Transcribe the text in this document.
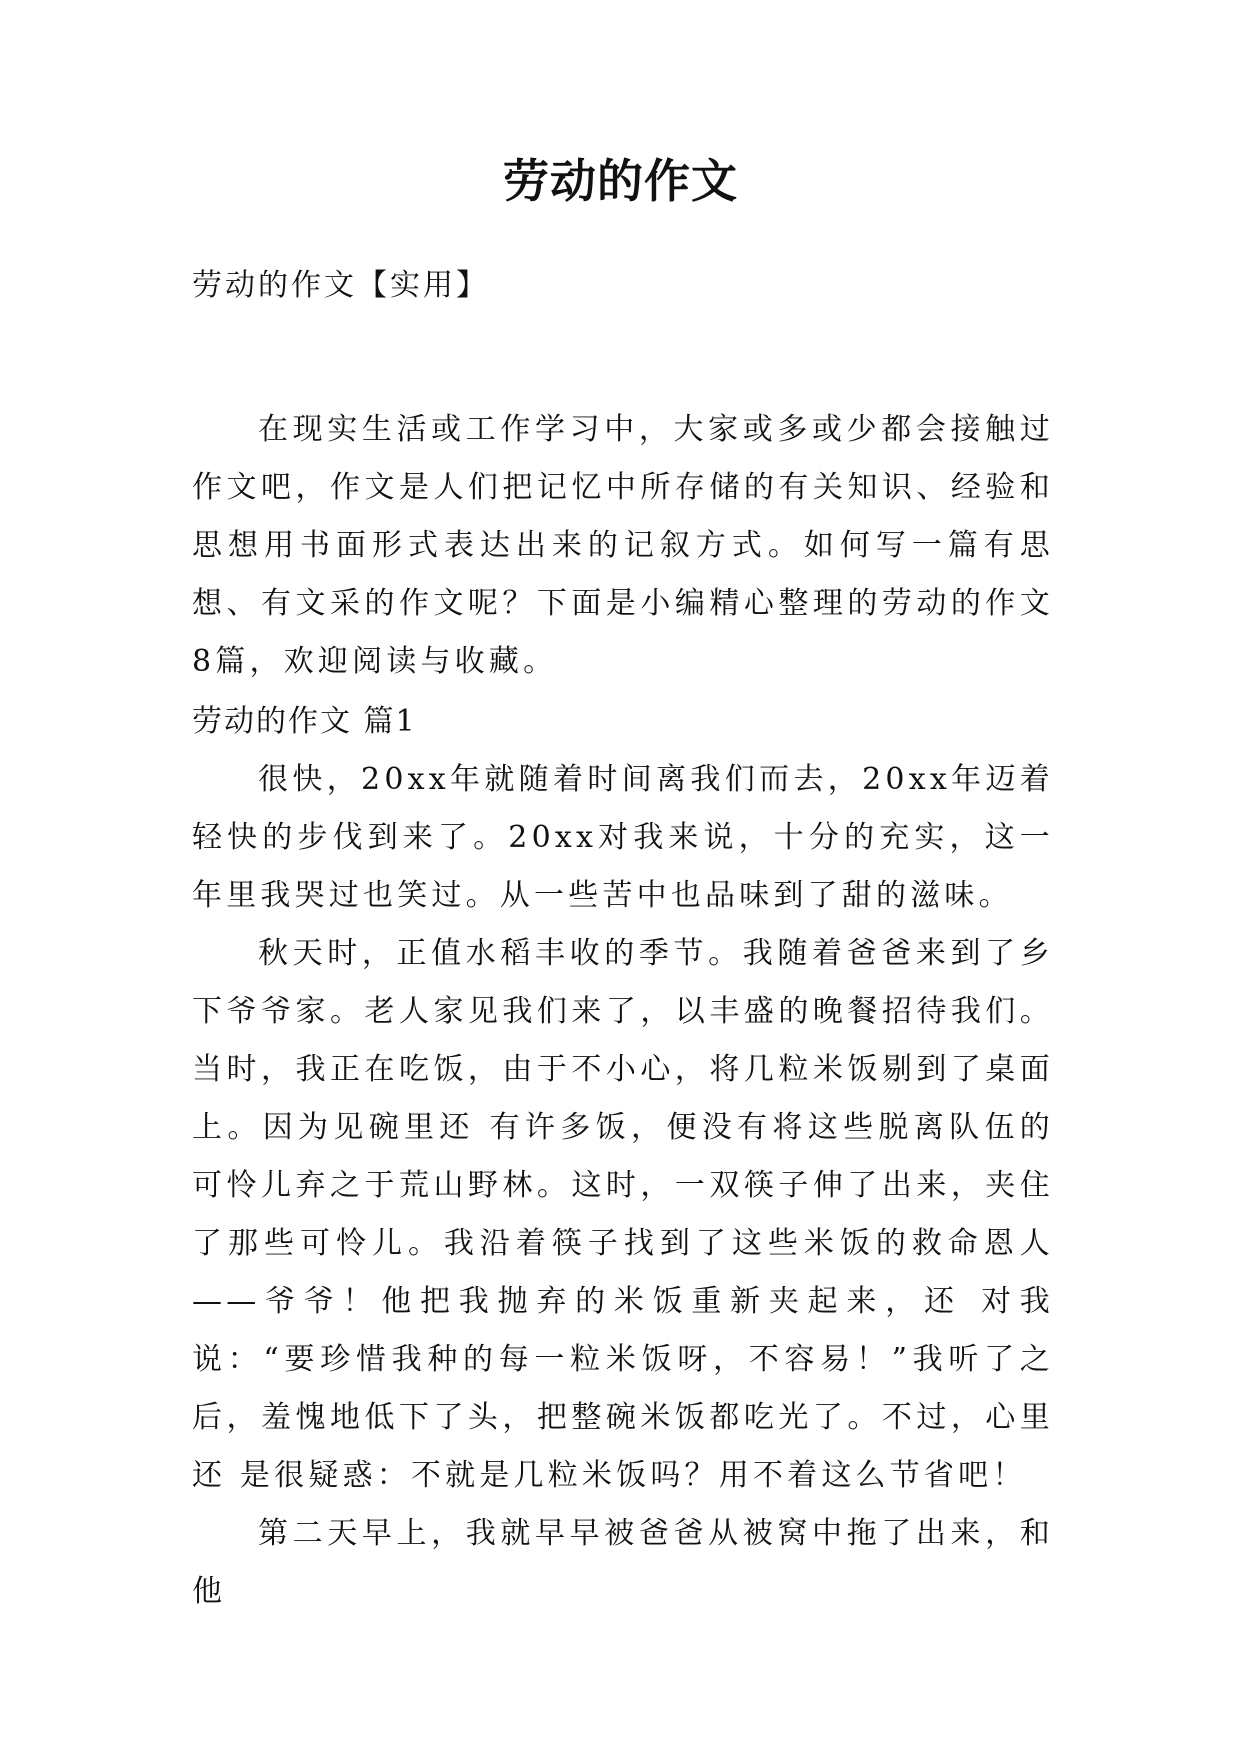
劳动的作文
劳动的作文【实用】

在现实生活或工作学习中，大家或多或少都会接触过作文吧，作文是人们把记忆中所存储的有关知识、经验和思想用书面形式表达出来的记叙方式。如何写一篇有思想、有文采的作文呢？下面是小编精心整理的劳动的作文8篇，欢迎阅读与收藏。

劳动的作文 篇1

很快，20xx年就随着时间离我们而去，20xx年迈着轻快的步伐到来了。20xx对我来说，十分的充实，这一年里我哭过也笑过。从一些苦中也品味到了甜的滋味。

秋天时，正值水稻丰收的季节。我随着爸爸来到了乡下爷爷家。老人家见我们来了，以丰盛的晚餐招待我们。当时，我正在吃饭，由于不小心，将几粒米饭剔到了桌面上。因为见碗里还 有许多饭，便没有将这些脱离队伍的可怜儿弃之于荒山野林。这时，一双筷子伸了出来，夹住了那些可怜儿。我沿着筷子找到了这些米饭的救命恩人——爷爷！他把我抛弃的米饭重新夹起来，还 对我说：“要珍惜我种的每一粒米饭呀，不容易！”我听了之后，羞愧地低下了头，把整碗米饭都吃光了。不过，心里还 是很疑惑：不就是几粒米饭吗？用不着这么节省吧！

第二天早上，我就早早被爸爸从被窝中拖了出来，和他
